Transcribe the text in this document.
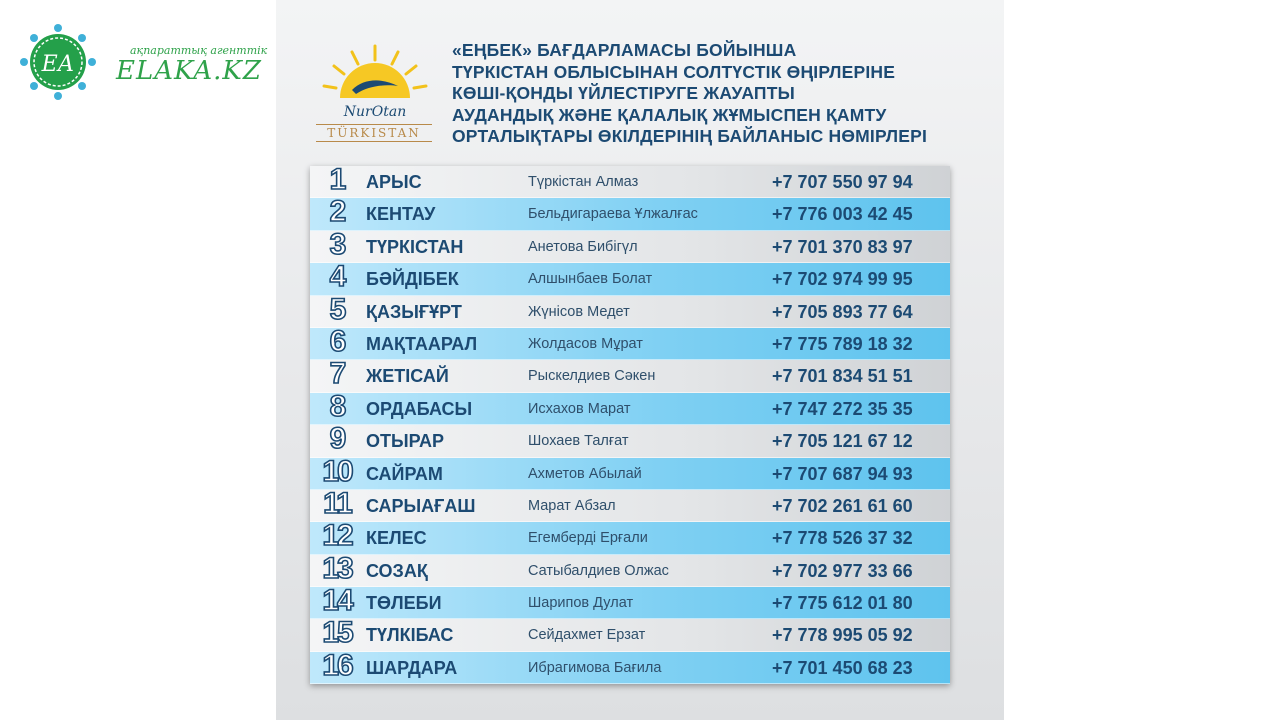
ЕА
ақпараттық агенттік
ELAKA.KZ
NurOtan
TÜRKISTAN
«ЕҢБЕК» БАҒДАРЛАМАСЫ БОЙЫНША
ТҮРКІСТАН ОБЛЫСЫНАН СОЛТҮСТІК ӨҢІРЛЕРІНЕ
КӨШІ-ҚОНДЫ ҮЙЛЕСТІРУГЕ ЖАУАПТЫ
АУДАНДЫҚ ЖӘНЕ ҚАЛАЛЫҚ ЖҰМЫСПЕН ҚАМТУ
ОРТАЛЫҚТАРЫ ӨКІЛДЕРІНІҢ БАЙЛАНЫС НӨМІРЛЕРІ
1	АРЫС	Түркістан Алмаз	+7 707 550 97 94
2	КЕНТАУ	Бельдигараева Ұлжалғас	+7 776 003 42 45
3	ТҮРКІСТАН	Анетова Бибігүл	+7 701 370 83 97
4	БӘЙДІБЕК	Алшынбаев Болат	+7 702 974 99 95
5	ҚАЗЫҒҰРТ	Жүнісов Медет	+7 705 893 77 64
6	МАҚТААРАЛ	Жолдасов Мұрат	+7 775 789 18 32
7	ЖЕТІСАЙ	Рыскелдиев Сәкен	+7 701 834 51 51
8	ОРДАБАСЫ	Исхахов Марат	+7 747 272 35 35
9	ОТЫРАР	Шохаев Талғат	+7 705 121 67 12
10 САЙРАМ	Ахметов Абылай	+7 707 687 94 93
11 САРЫАҒАШ	Марат Абзал	+7 702 261 61 60
12 КЕЛЕС	Егемберді Ерғали	+7 778 526 37 32
13 СОЗАҚ	Сатыбалдиев Олжас	+7 702 977 33 66
14 ТӨЛЕБИ	Шарипов Дулат	+7 775 612 01 80
15 ТҮЛКІБАС	Сейдахмет Ерзат	+7 778 995 05 92
16 ШАРДАРА	Ибрагимова Бағила	+7 701 450 68 23
